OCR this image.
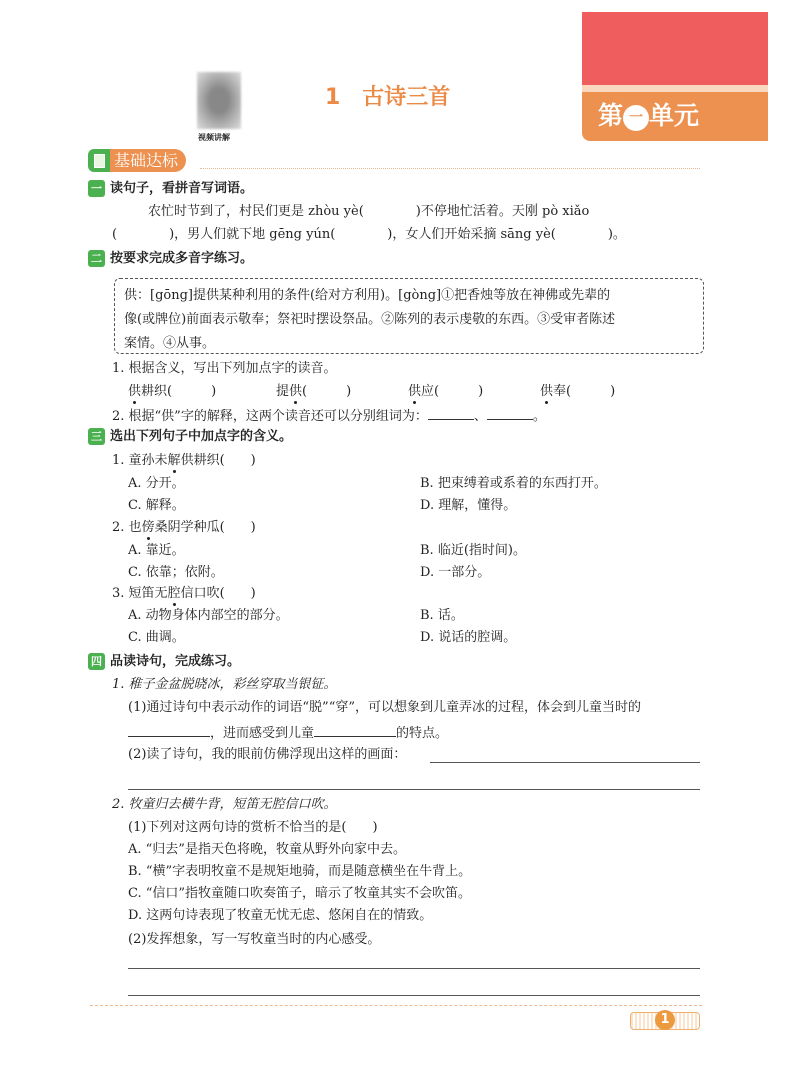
第 一 单元
视频讲解
1　古诗三首
基础达标
一 读句子，看拼音写词语。
农忙时节到了，村民们更是 zhòu yè(　　　　)不停地忙活着。天刚 pò xiǎo
(　　　　)，男人们就下地 gēng yún(　　　　)，女人们开始采摘 sāng yè(　　　　)。
二 按要求完成多音字练习。
供：[gōng]提供某种利用的条件(给对方利用)。[gòng]①把香烛等放在神佛或先辈的
像(或牌位)前面表示敬奉；祭祀时摆设祭品。②陈列的表示虔敬的东西。③受审者陈述
案情。④从事。
1. 根据含义，写出下列加点字的读音。
供耕织(　　　)	提供(　　　)	供应(　　　)	供奉(　　　)
2. 根据“供”字的解释，这两个读音还可以分别组词为：	、	。
三 选出下列句子中加点字的含义。
1. 童孙未解供耕织(　　)
A. 分开。	B. 把束缚着或系着的东西打开。
C. 解释。	D. 理解，懂得。
2. 也傍桑阴学种瓜(　　)
A. 靠近。	B. 临近(指时间)。
C. 依靠；依附。	D. 一部分。
3. 短笛无腔信口吹(　　)
A. 动物身体内部空的部分。	B. 话。
C. 曲调。	D. 说话的腔调。
四 品读诗句，完成练习。
1. 稚子金盆脱晓冰，彩丝穿取当银钲。
(1)通过诗句中表示动作的词语“脱”“穿”，可以想象到儿童弄冰的过程，体会到儿童当时的
，进而感受到儿童	的特点。
(2)读了诗句，我的眼前仿佛浮现出这样的画面：
2. 牧童归去横牛背，短笛无腔信口吹。
(1)下列对这两句诗的赏析不恰当的是(　　)
A. “归去”是指天色将晚，牧童从野外向家中去。
B. “横”字表明牧童不是规矩地骑，而是随意横坐在牛背上。
C. “信口”指牧童随口吹奏笛子，暗示了牧童其实不会吹笛。
D. 这两句诗表现了牧童无忧无虑、悠闲自在的情致。
(2)发挥想象，写一写牧童当时的内心感受。
1
